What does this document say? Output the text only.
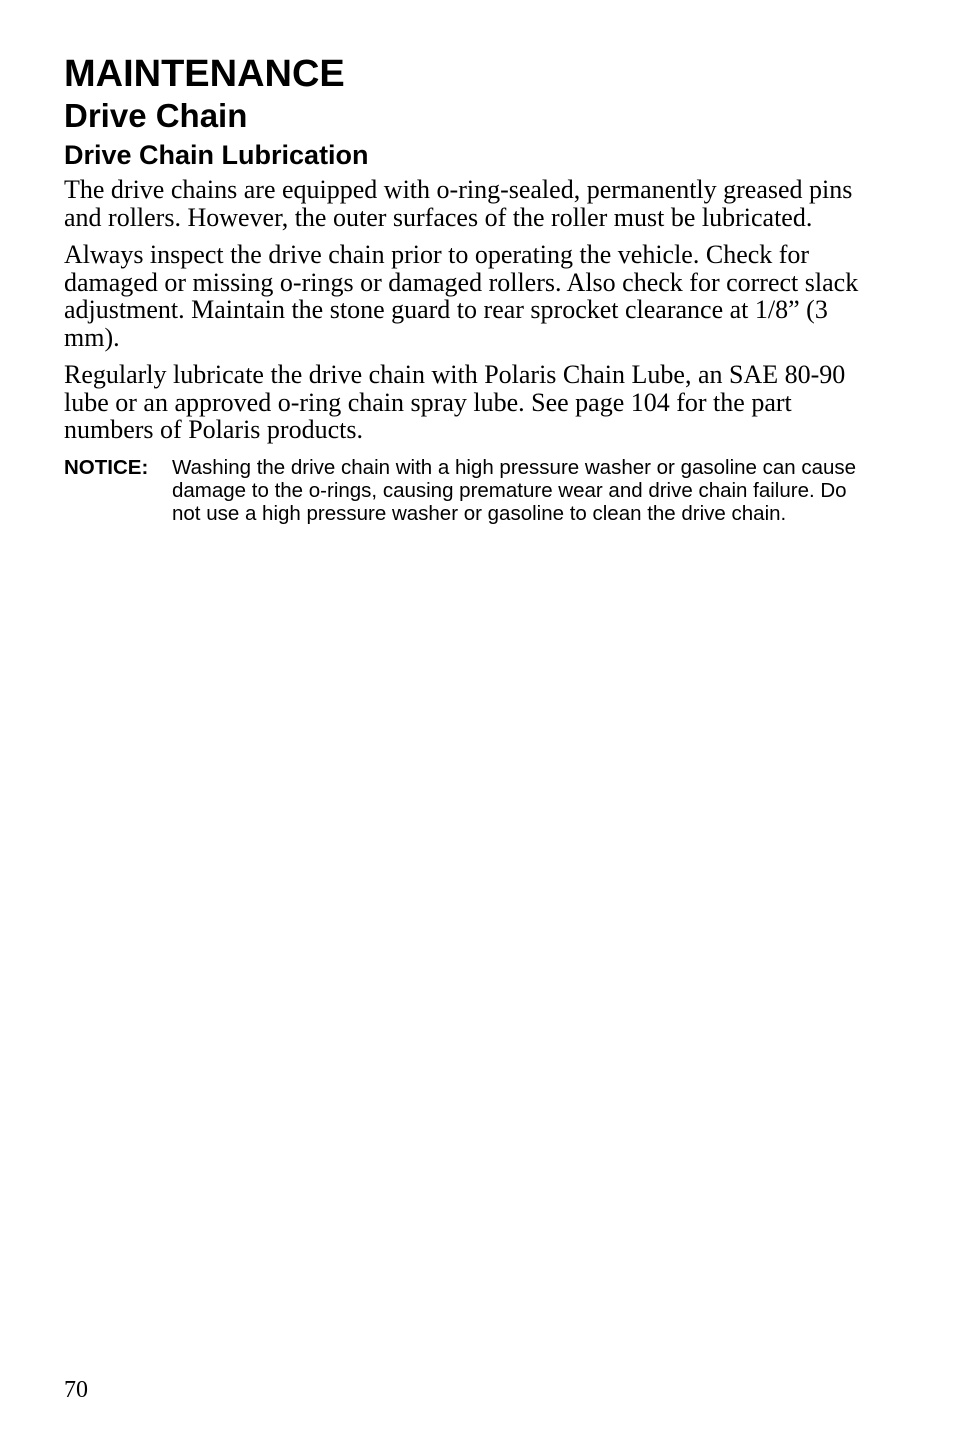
MAINTENANCE
Drive Chain
Drive Chain Lubrication

The drive chains are equipped with o-ring-sealed, permanently greased pins and rollers. However, the outer surfaces of the roller must be lubricated.

Always inspect the drive chain prior to operating the vehicle. Check for damaged or missing o-rings or damaged rollers. Also check for correct slack adjustment. Maintain the stone guard to rear sprocket clearance at 1/8” (3 mm).

Regularly lubricate the drive chain with Polaris Chain Lube, an SAE 80-90 lube or an approved o-ring chain spray lube. See page 104 for the part numbers of Polaris products.

NOTICE:	Washing the drive chain with a high pressure washer or gasoline can cause damage to the o-rings, causing premature wear and drive chain failure. Do not use a high pressure washer or gasoline to clean the drive chain.
70
